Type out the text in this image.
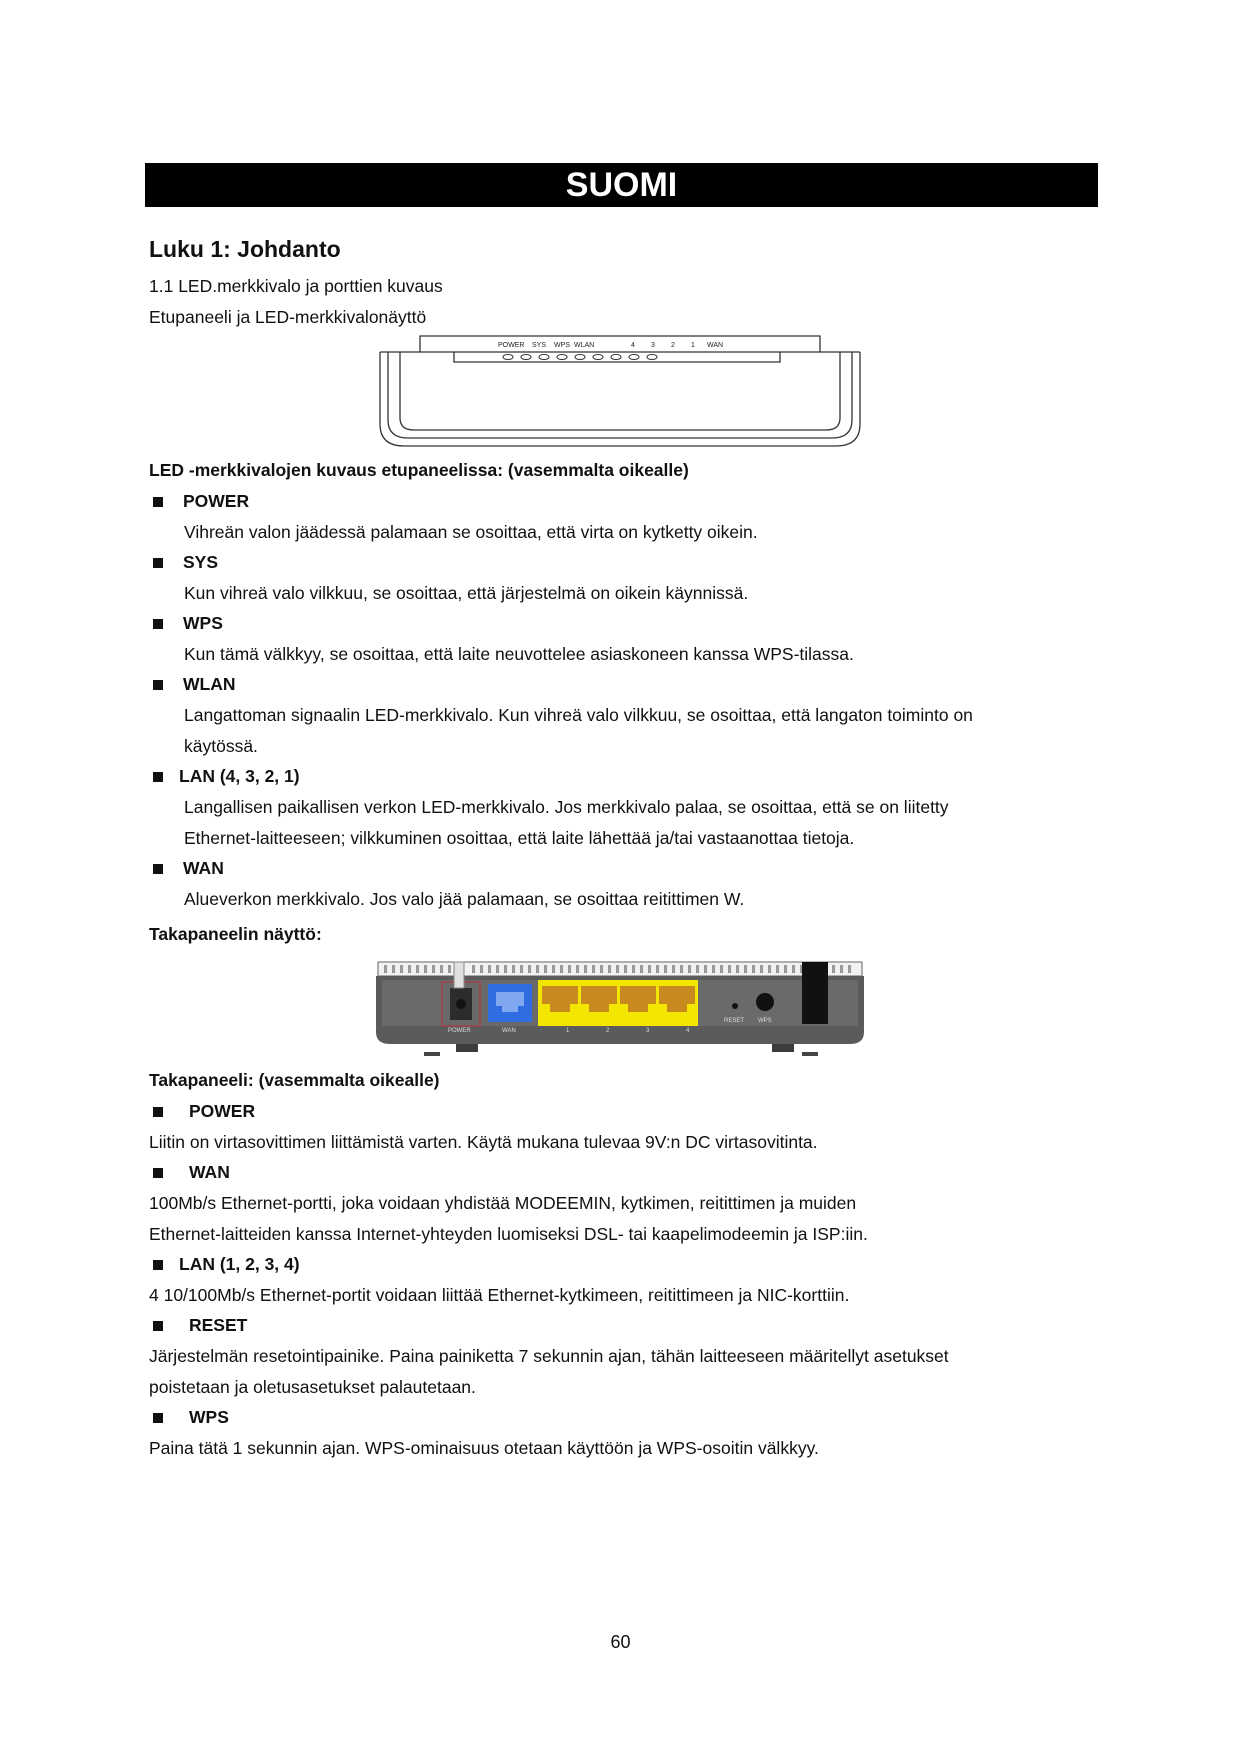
SUOMI
Luku 1: Johdanto
1.1 LED.merkkivalo ja porttien kuvaus
Etupaneeli ja LED-merkkivalonäyttö
POWER SYS WPS WLAN	4 3 2 1 WAN
LED -merkkivalojen kuvaus etupaneelissa: (vasemmalta oikealle)
POWER
Vihreän valon jäädessä palamaan se osoittaa, että virta on kytketty oikein.
SYS
Kun vihreä valo vilkkuu, se osoittaa, että järjestelmä on oikein käynnissä.
WPS
Kun tämä välkkyy, se osoittaa, että laite neuvottelee asiaskoneen kanssa WPS-tilassa.
WLAN
Langattoman signaalin LED-merkkivalo. Kun vihreä valo vilkkuu, se osoittaa, että langaton toiminto on
käytössä.
LAN (4, 3, 2, 1)
Langallisen paikallisen verkon LED-merkkivalo. Jos merkkivalo palaa, se osoittaa, että se on liitetty
Ethernet-laitteeseen; vilkkuminen osoittaa, että laite lähettää ja/tai vastaanottaa tietoja.
WAN
Alueverkon merkkivalo. Jos valo jää palamaan, se osoittaa reitittimen W.
Takapaneelin näyttö:
POWER	WAN	1	2	3	4
RESET WPS
Takapaneeli: (vasemmalta oikealle)
POWER
Liitin on virtasovittimen liittämistä varten. Käytä mukana tulevaa 9V:n DC virtasovitinta.
WAN
100Mb/s Ethernet-portti, joka voidaan yhdistää MODEEMIN, kytkimen, reitittimen ja muiden
Ethernet-laitteiden kanssa Internet-yhteyden luomiseksi DSL- tai kaapelimodeemin ja ISP:iin.
LAN (1, 2, 3, 4)
4 10/100Mb/s Ethernet-portit voidaan liittää Ethernet-kytkimeen, reitittimeen ja NIC-korttiin.
RESET
Järjestelmän resetointipainike. Paina painiketta 7 sekunnin ajan, tähän laitteeseen määritellyt asetukset
poistetaan ja oletusasetukset palautetaan.
WPS
Paina tätä 1 sekunnin ajan. WPS-ominaisuus otetaan käyttöön ja WPS-osoitin välkkyy.
60
